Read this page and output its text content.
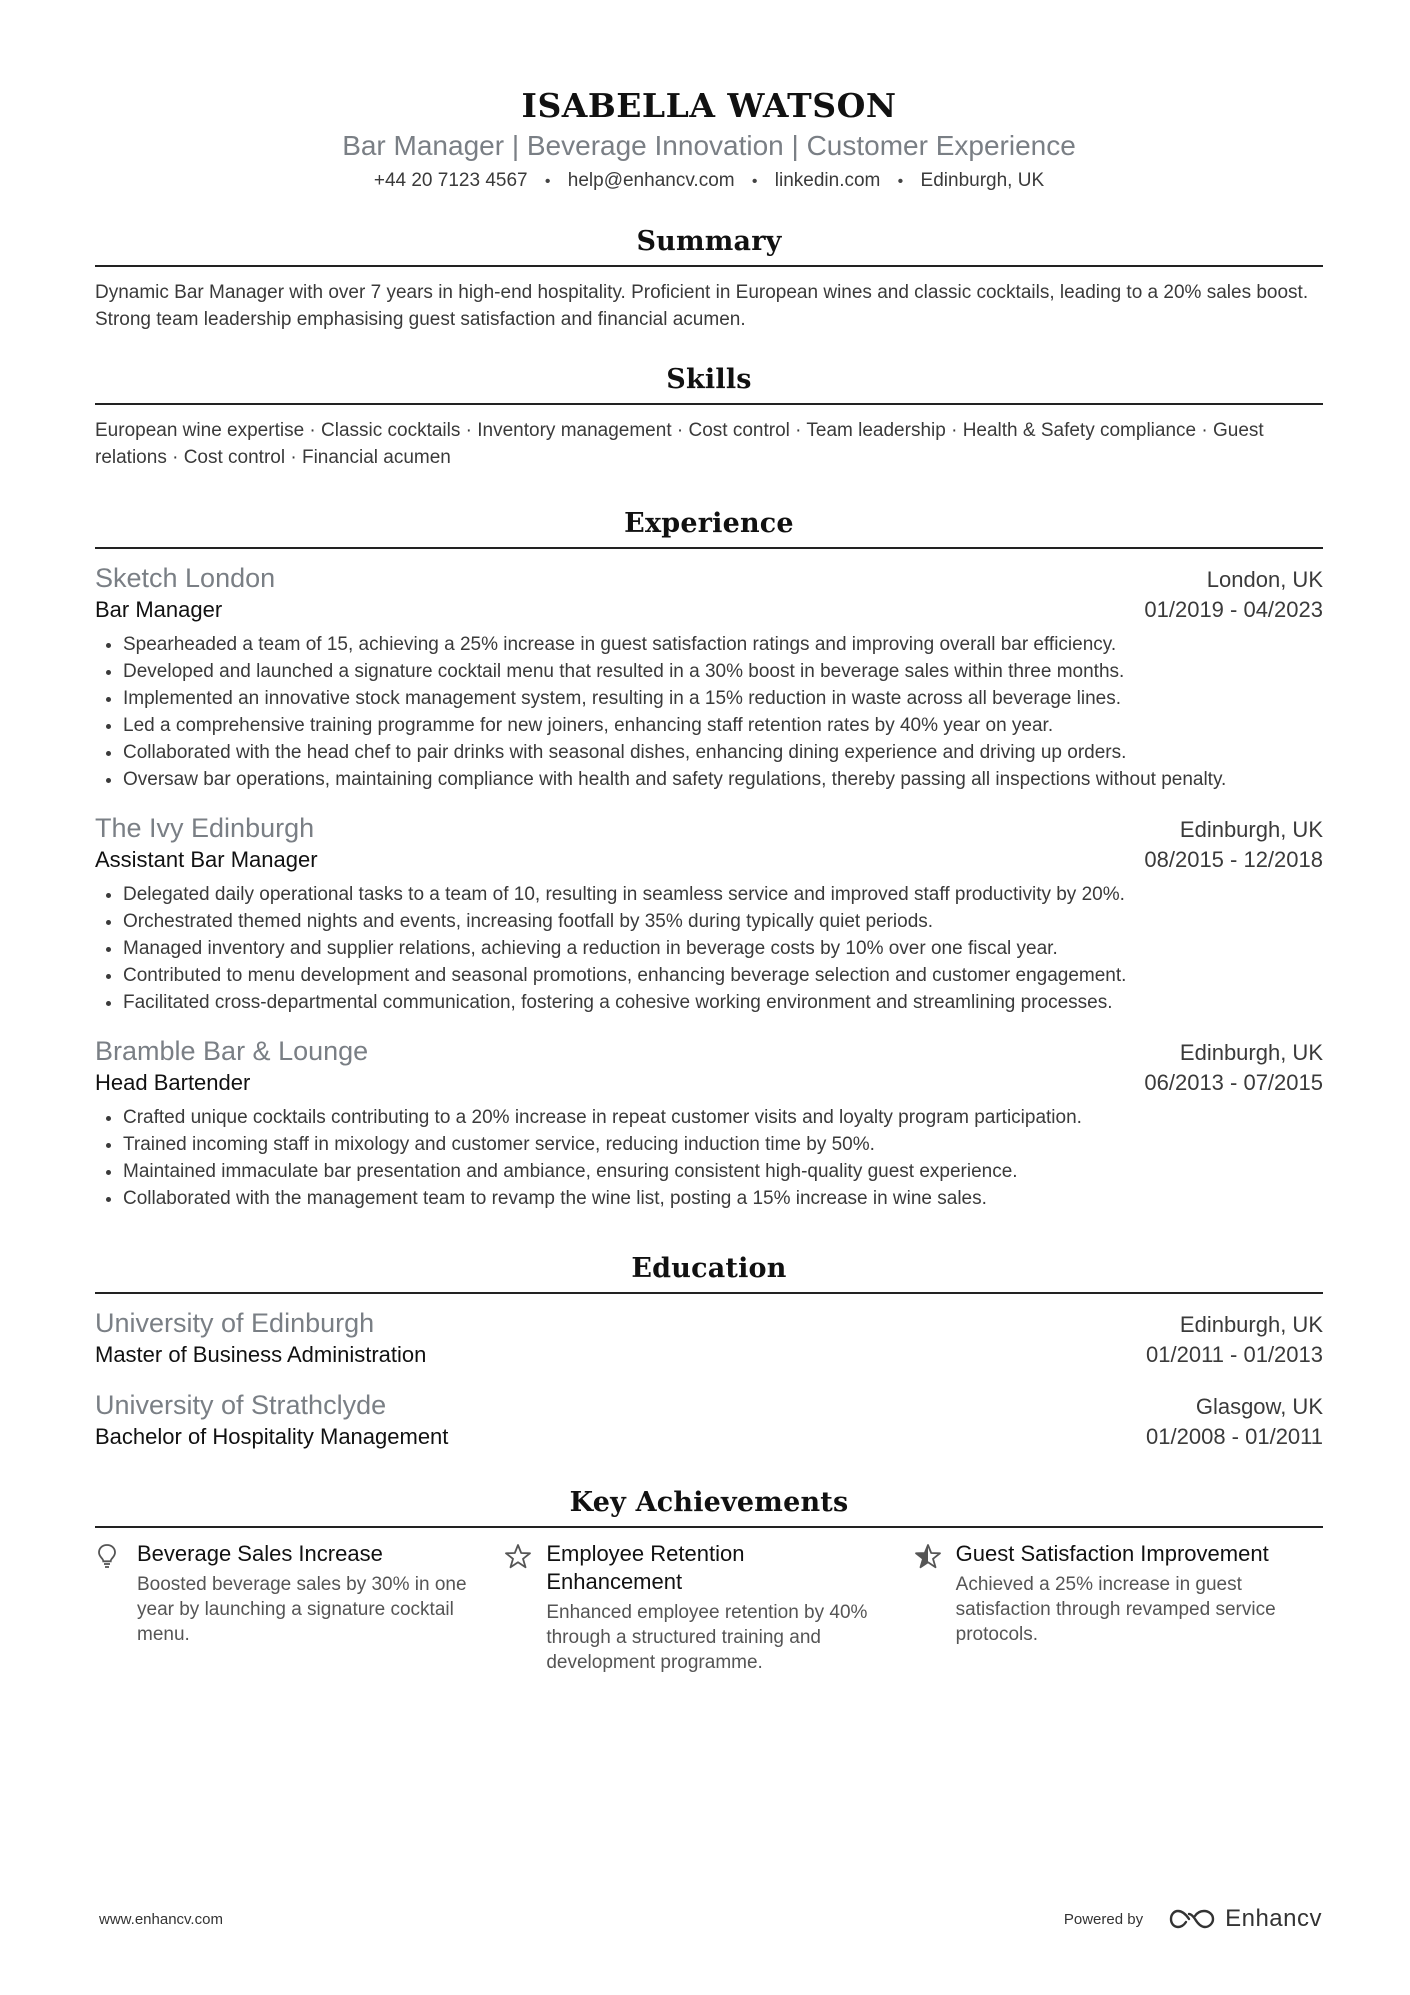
ISABELLA WATSON
Bar Manager | Beverage Innovation | Customer Experience
+44 20 7123 4567 • help@enhancv.com • linkedin.com • Edinburgh, UK
Summary
Dynamic Bar Manager with over 7 years in high-end hospitality. Proficient in European wines and classic cocktails, leading to a 20% sales boost. Strong team leadership emphasising guest satisfaction and financial acumen.
Skills
European wine expertise · Classic cocktails · Inventory management · Cost control · Team leadership · Health & Safety compliance · Guest relations · Cost control · Financial acumen
Experience
Sketch London	London, UK
Bar Manager	01/2019 - 04/2023
• Spearheaded a team of 15, achieving a 25% increase in guest satisfaction ratings and improving overall bar efficiency.
• Developed and launched a signature cocktail menu that resulted in a 30% boost in beverage sales within three months.
• Implemented an innovative stock management system, resulting in a 15% reduction in waste across all beverage lines.
• Led a comprehensive training programme for new joiners, enhancing staff retention rates by 40% year on year.
• Collaborated with the head chef to pair drinks with seasonal dishes, enhancing dining experience and driving up orders.
• Oversaw bar operations, maintaining compliance with health and safety regulations, thereby passing all inspections without penalty.
The Ivy Edinburgh	Edinburgh, UK
Assistant Bar Manager	08/2015 - 12/2018
• Delegated daily operational tasks to a team of 10, resulting in seamless service and improved staff productivity by 20%.
• Orchestrated themed nights and events, increasing footfall by 35% during typically quiet periods.
• Managed inventory and supplier relations, achieving a reduction in beverage costs by 10% over one fiscal year.
• Contributed to menu development and seasonal promotions, enhancing beverage selection and customer engagement.
• Facilitated cross-departmental communication, fostering a cohesive working environment and streamlining processes.
Bramble Bar & Lounge	Edinburgh, UK
Head Bartender	06/2013 - 07/2015
• Crafted unique cocktails contributing to a 20% increase in repeat customer visits and loyalty program participation.
• Trained incoming staff in mixology and customer service, reducing induction time by 50%.
• Maintained immaculate bar presentation and ambiance, ensuring consistent high-quality guest experience.
• Collaborated with the management team to revamp the wine list, posting a 15% increase in wine sales.
Education
University of Edinburgh	Edinburgh, UK
Master of Business Administration	01/2011 - 01/2013
University of Strathclyde	Glasgow, UK
Bachelor of Hospitality Management	01/2008 - 01/2011
Key Achievements
Beverage Sales Increase
Boosted beverage sales by 30% in one year by launching a signature cocktail menu.
Employee Retention Enhancement
Enhanced employee retention by 40% through a structured training and development programme.
Guest Satisfaction Improvement
Achieved a 25% increase in guest satisfaction through revamped service protocols.
www.enhancv.com	Powered by	Enhancv
